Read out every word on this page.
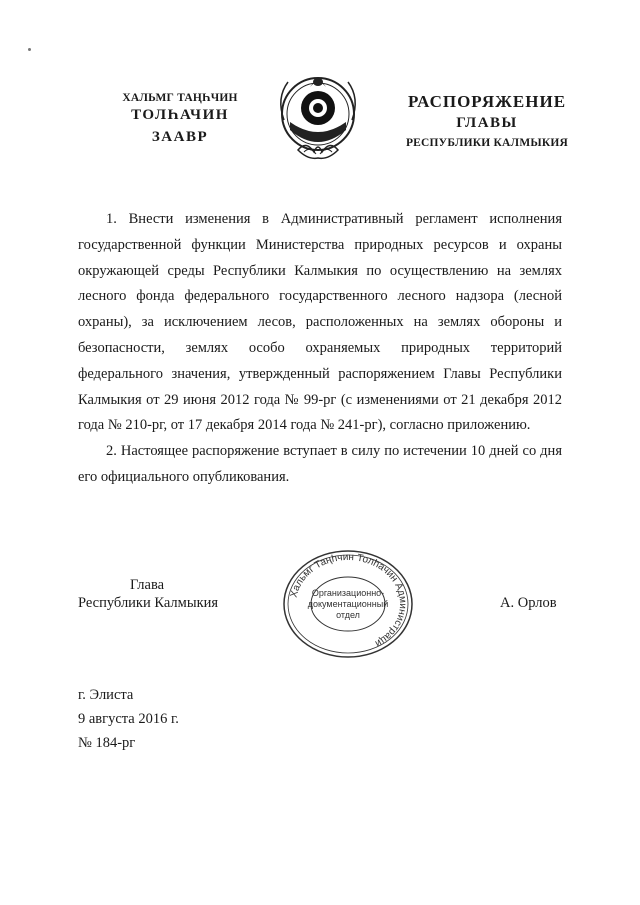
ХАЛЬМГ ТАҢҺЧИН
ТОЛҺАЧИН
ЗААВР
РАСПОРЯЖЕНИЕ
ГЛАВЫ
РЕСПУБЛИКИ КАЛМЫКИЯ

1. Внести изменения в Административный регламент исполнения государственной функции Министерства природных ресурсов и охраны окружающей среды Республики Калмыкия по осуществлению на землях лесного фонда федерального государственного лесного надзора (лесной охраны), за исключением лесов, расположенных на землях обороны и безопасности, землях особо охраняемых природных территорий федерального значения, утвержденный распоряжением Главы Республики Калмыкия от 29 июня 2012 года № 99-рг (с изменениями от 21 декабря 2012 года № 210-рг, от 17 декабря 2014 года № 241-рг), согласно приложению.

2. Настоящее распоряжение вступает в силу по истечении 10 дней со дня его официального опубликования.

Глава
Республики Калмыкия
Хальмг Таңһчин Толһачин Администраци
Организационно-
документационный
отдел
А. Орлов
г. Элиста
9 августа 2016 г.
№ 184-рг
